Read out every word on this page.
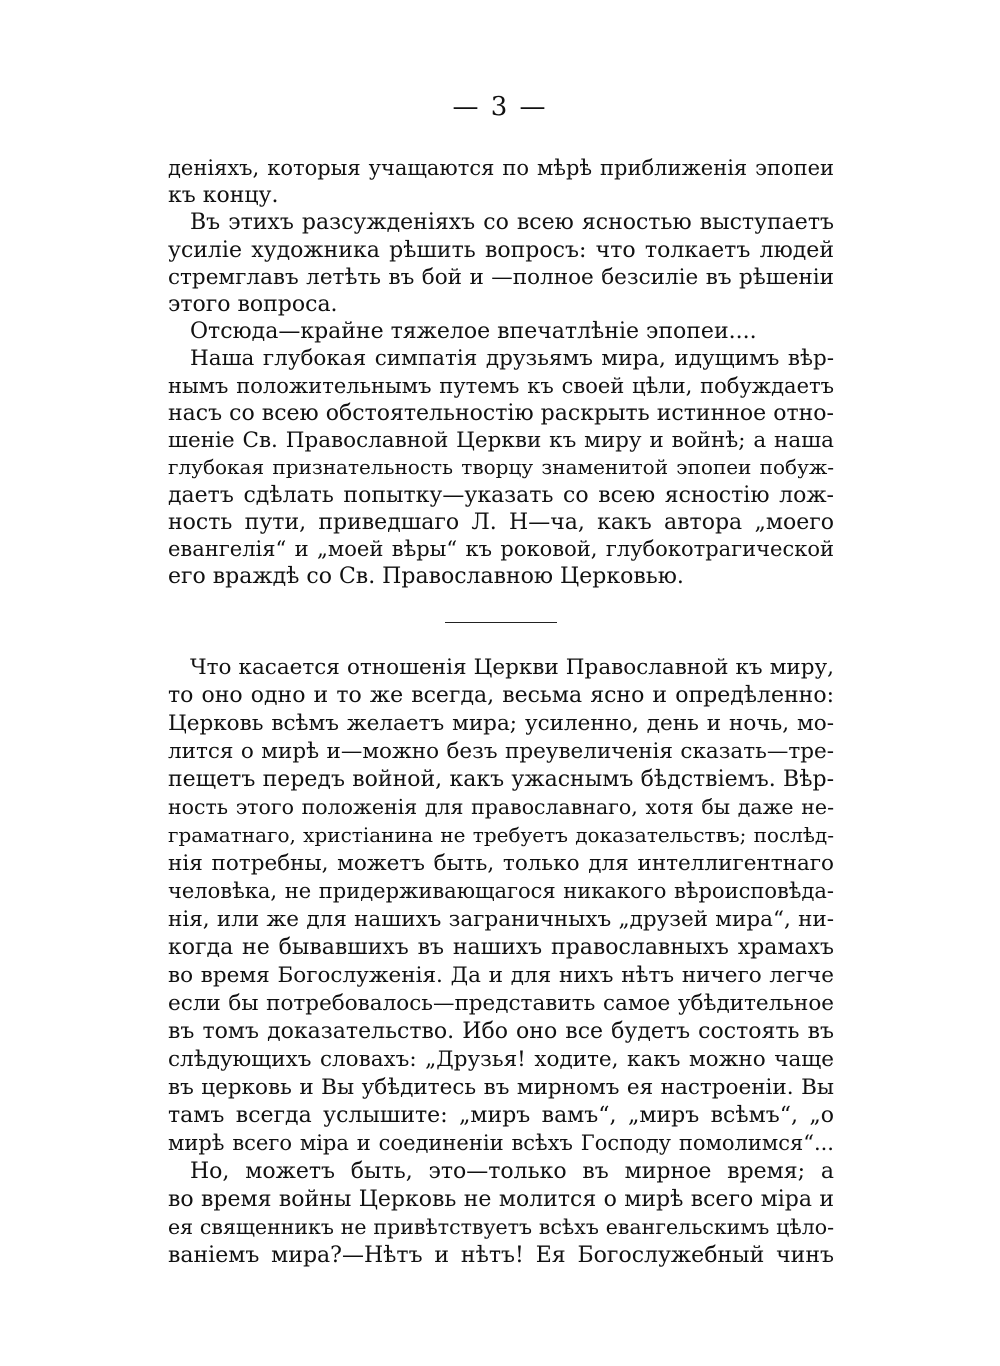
— 3 —
деніяхъ, которыя учащаются по мѣрѣ приближенія эпопеи
къ концу.
Въ этихъ разсужденіяхъ со всею ясностью выступаетъ
усиліе художника рѣшить вопросъ: что толкаетъ людей
стремглавъ летѣть въ бой и —полное безсиліе въ рѣшеніи
этого вопроса.
Отсюда—крайне тяжелое впечатлѣніе эпопеи....
Наша глубокая симпатія друзьямъ мира, идущимъ вѣр-
нымъ положительнымъ путемъ къ своей цѣли, побуждаетъ
насъ со всею обстоятельностію раскрыть истинное отно-
шеніе Св. Православной Церкви къ миру и войнѣ; а наша
глубокая признательность творцу знаменитой эпопеи побуж-
даетъ сдѣлать попытку—указать со всею ясностію лож-
ность пути, приведшаго Л. Н—ча, какъ автора „моего
евангелія“ и „моей вѣры“ къ роковой, глубокотрагической
его враждѣ со Св. Православною Церковью.
Что касается отношенія Церкви Православной къ миру,
то оно одно и то же всегда, весьма ясно и опредѣленно:
Церковь всѣмъ желаетъ мира; усиленно, день и ночь, мо-
лится о мирѣ и—можно безъ преувеличенія сказать—тре-
пещетъ передъ войной, какъ ужаснымъ бѣдствіемъ. Вѣр-
ность этого положенія для православнаго, хотя бы даже не-
граматнаго, христіанина не требуетъ доказательствъ; послѣд-
нія потребны, можетъ быть, только для интеллигентнаго
человѣка, не придерживающагося никакого вѣроисповѣда-
нія, или же для нашихъ заграничныхъ „друзей мира“, ни-
когда не бывавшихъ въ нашихъ православныхъ храмахъ
во время Богослуженія. Да и для нихъ нѣтъ ничего легче
если бы потребовалось—представить самое убѣдительное
въ томъ доказательство. Ибо оно все будетъ состоять въ
слѣдующихъ словахъ: „Друзья! ходите, какъ можно чаще
въ церковь и Вы убѣдитесь въ мирномъ ея настроеніи. Вы
тамъ всегда услышите: „миръ вамъ“, „миръ всѣмъ“, „о
мирѣ всего міра и соединеніи всѣхъ Господу помолимся“...
Но, можетъ быть, это—только въ мирное время; а
во время войны Церковь не молится о мирѣ всего міра и
ея священникъ не привѣтствуетъ всѣхъ евангельскимъ цѣло-
ваніемъ мира?—Нѣтъ и нѣтъ! Ея Богослужебный чинъ
